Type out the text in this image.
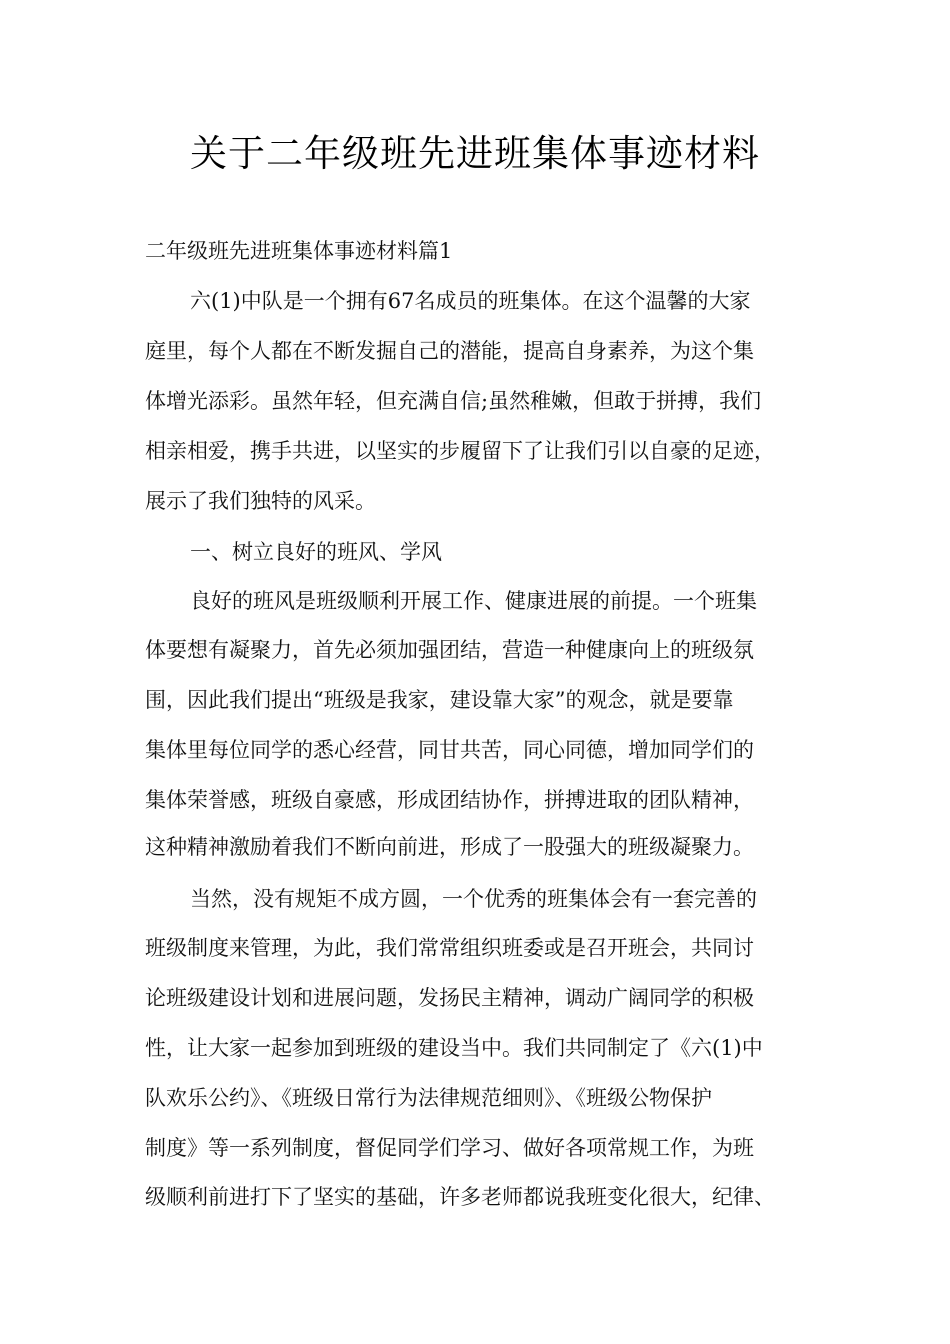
关于二年级班先进班集体事迹材料
二年级班先进班集体事迹材料篇1
六(1)中队是一个拥有67名成员的班集体。在这个温馨的大家
庭里，每个人都在不断发掘自己的潜能，提高自身素养，为这个集
体增光添彩。虽然年轻，但充满自信;虽然稚嫩，但敢于拼搏，我们
相亲相爱，携手共进，以坚实的步履留下了让我们引以自豪的足迹，
展示了我们独特的风采。
一、树立良好的班风、学风
良好的班风是班级顺利开展工作、健康进展的前提。一个班集
体要想有凝聚力，首先必须加强团结，营造一种健康向上的班级氛
围，因此我们提出“班级是我家，建设靠大家”的观念，就是要靠
集体里每位同学的悉心经营，同甘共苦，同心同德，增加同学们的
集体荣誉感，班级自豪感，形成团结协作，拼搏进取的团队精神，
这种精神激励着我们不断向前进，形成了一股强大的班级凝聚力。
当然，没有规矩不成方圆，一个优秀的班集体会有一套完善的
班级制度来管理，为此，我们常常组织班委或是召开班会，共同讨
论班级建设计划和进展问题，发扬民主精神，调动广阔同学的积极
性，让大家一起参加到班级的建设当中。我们共同制定了《六(1)中
队欢乐公约》、《班级日常行为法律规范细则》、《班级公物保护
制度》等一系列制度，督促同学们学习、做好各项常规工作，为班
级顺利前进打下了坚实的基础，许多老师都说我班变化很大，纪律、
